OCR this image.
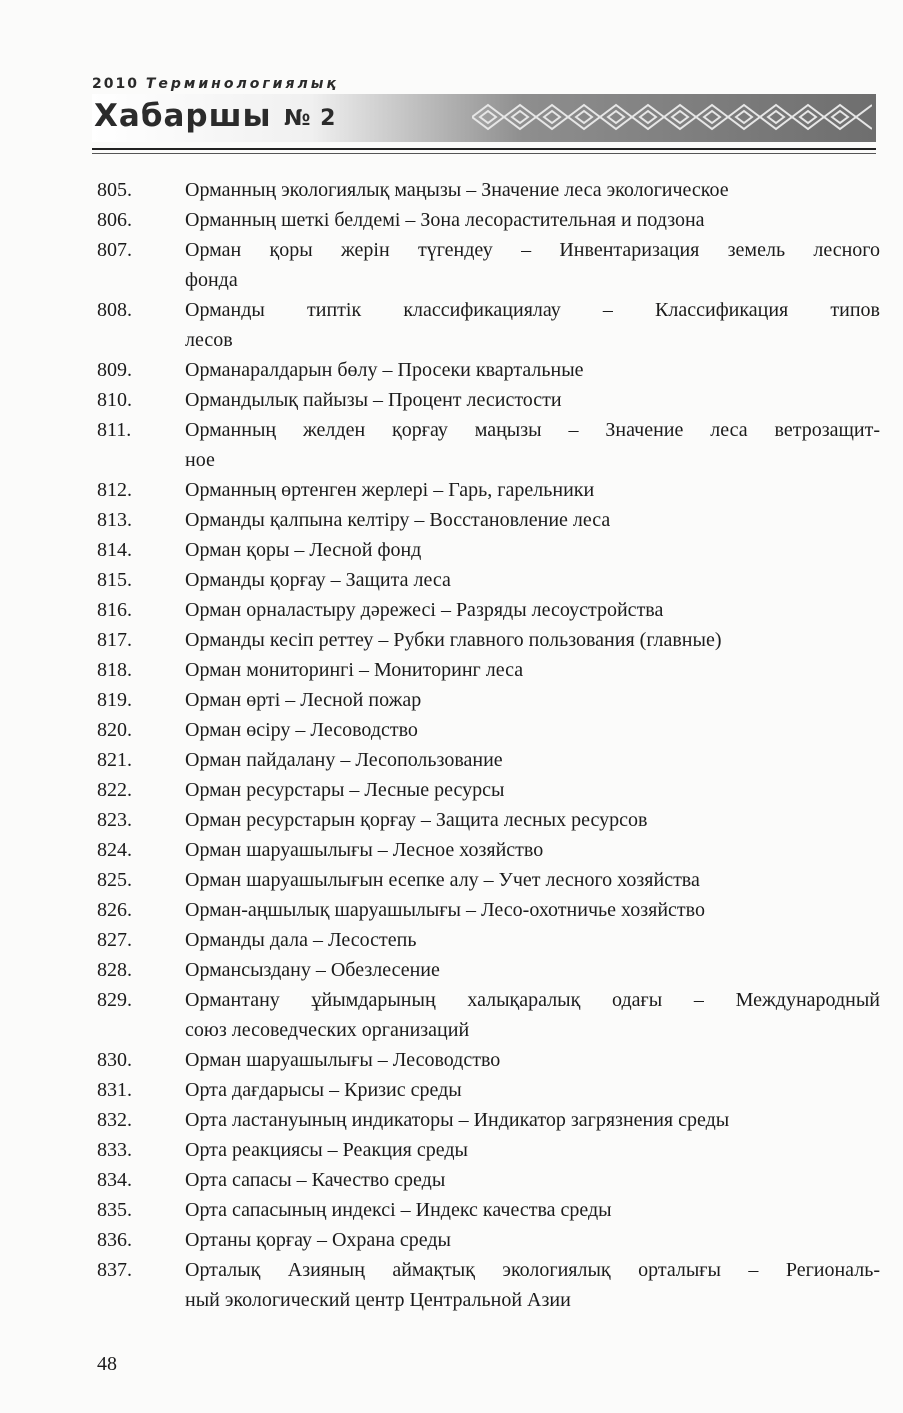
2010 Терминологиялық
Хабаршы № 2
805.	Орманның экологиялық маңызы – Значение леса экологическое
806.	Орманның шеткі белдемі – Зона лесорастительная и подзона
807.	Орман қоры жерін түгендеу – Инвентаризация земель лесного
фонда
808.	Орманды типтік классификациялау – Классификация типов
лесов
809.	Орманаралдарын бөлу – Просеки квартальные
810.	Ормандылық пайызы – Процент лесистости
811.	Орманның желден қорғау маңызы – Значение леса ветрозащит-
ное
812.	Орманның өртенген жерлері – Гарь, гарельники
813.	Орманды қалпына келтіру – Восстановление леса
814.	Орман қоры – Лесной фонд
815.	Орманды қорғау – Защита леса
816.	Орман орналастыру дәрежесі – Разряды лесоустройства
817.	Орманды кесіп реттеу – Рубки главного пользования (главные)
818.	Орман мониторингі – Мониторинг леса
819.	Орман өрті – Лесной пожар
820.	Орман өсіру – Лесоводство
821.	Орман пайдалану – Лесопользование
822.	Орман ресурстары – Лесные ресурсы
823.	Орман ресурстарын қорғау – Защита лесных ресурсов
824.	Орман шаруашылығы – Лесное хозяйство
825.	Орман шаруашылығын есепке алу – Учет лесного хозяйства
826.	Орман-аңшылық шаруашылығы – Лесо-охотничье хозяйство
827.	Орманды дала – Лесостепь
828.	Ормансыздану – Обезлесение
829.	Ормантану ұйымдарының халықаралық одағы – Международный
союз лесоведческих организаций
830.	Орман шаруашылығы – Лесоводство
831.	Орта дағдарысы – Кризис среды
832.	Орта ластануының индикаторы – Индикатор загрязнения среды
833.	Орта реакциясы – Реакция среды
834.	Орта сапасы – Качество среды
835.	Орта сапасының индексі – Индекс качества среды
836.	Ортаны қорғау – Охрана среды
837.	Орталық Азияның аймақтық экологиялық орталығы – Региональ-
ный экологический центр Центральной Азии
48
